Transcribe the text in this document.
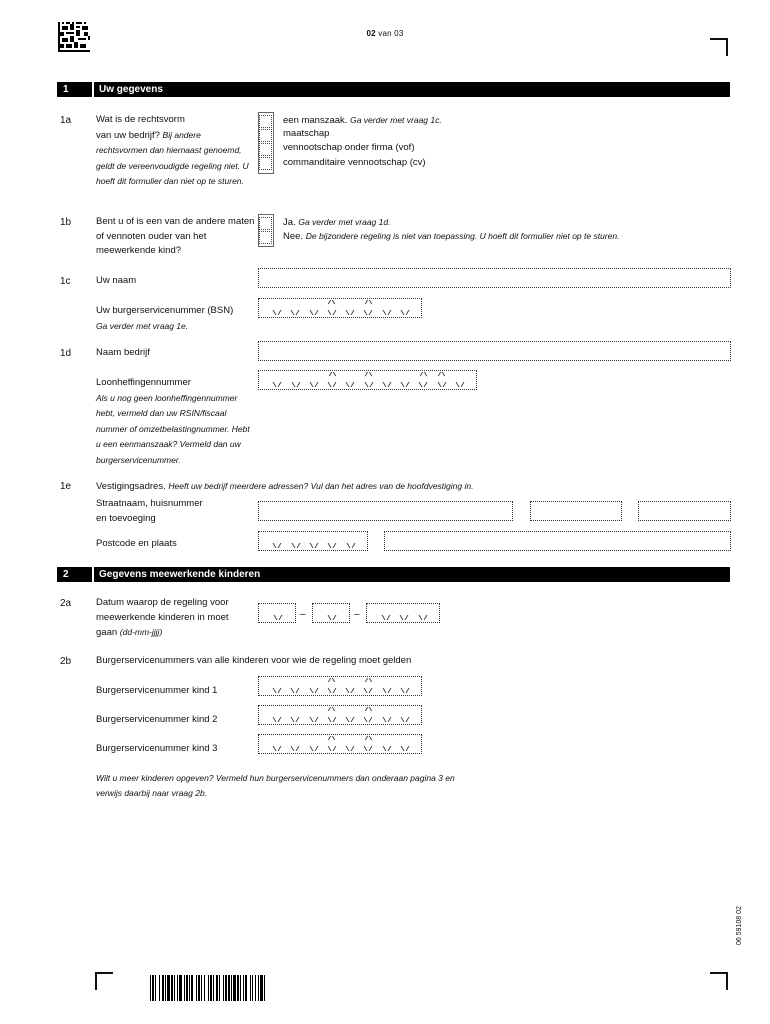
02 van 03
1	Uw gegevens
1a	Wat is de rechtsvorm
van uw bedrijf? Bij andere
rechtsvormen dan hiernaast genoemd, geldt de vereenvoudigde regeling niet. U hoeft dit formulier dan niet op te sturen.
een manszaak. Ga verder met vraag 1c.
maatschap
vennootschap onder firma (vof)
commanditaire vennootschap (cv)
1b	Bent u of is een van de andere maten of vennoten ouder van het meewerkende kind?
Ja. Ga verder met vraag 1d.
Nee. De bijzondere regeling is niet van toepassing. U hoeft dit formulier niet op te sturen.
1c	Uw naam
Uw burgerservicenummer (BSN)
Ga verder met vraag 1e.
1d	Naam bedrijf
Loonheffingennummer
Als u nog geen loonheffingennummer hebt, vermeld dan uw RSIN/fiscaal nummer of omzetbelastingnummer. Hebt u een eenmanszaak? Vermeld dan uw burgerservicenummer.
1e	Vestigingsadres. Heeft uw bedrijf meerdere adressen? Vul dan het adres van de hoofdvestiging in.
Straatnaam, huisnummer
en toevoeging
Postcode en plaats
2	Gegevens meewerkende kinderen
2a	Datum waarop de regeling voor meewerkende kinderen in moet gaan (dd-mm-jjjj)
–	–
2b	Burgerservicenummers van alle kinderen voor wie de regeling moet gelden
Burgerservicenummer kind 1
Burgerservicenummer kind 2
Burgerservicenummer kind 3
Wilt u meer kinderen opgeven? Vermeld hun burgerservicenummers dan onderaan pagina 3 en verwijs daarbij naar vraag 2b.
06 59108 02
